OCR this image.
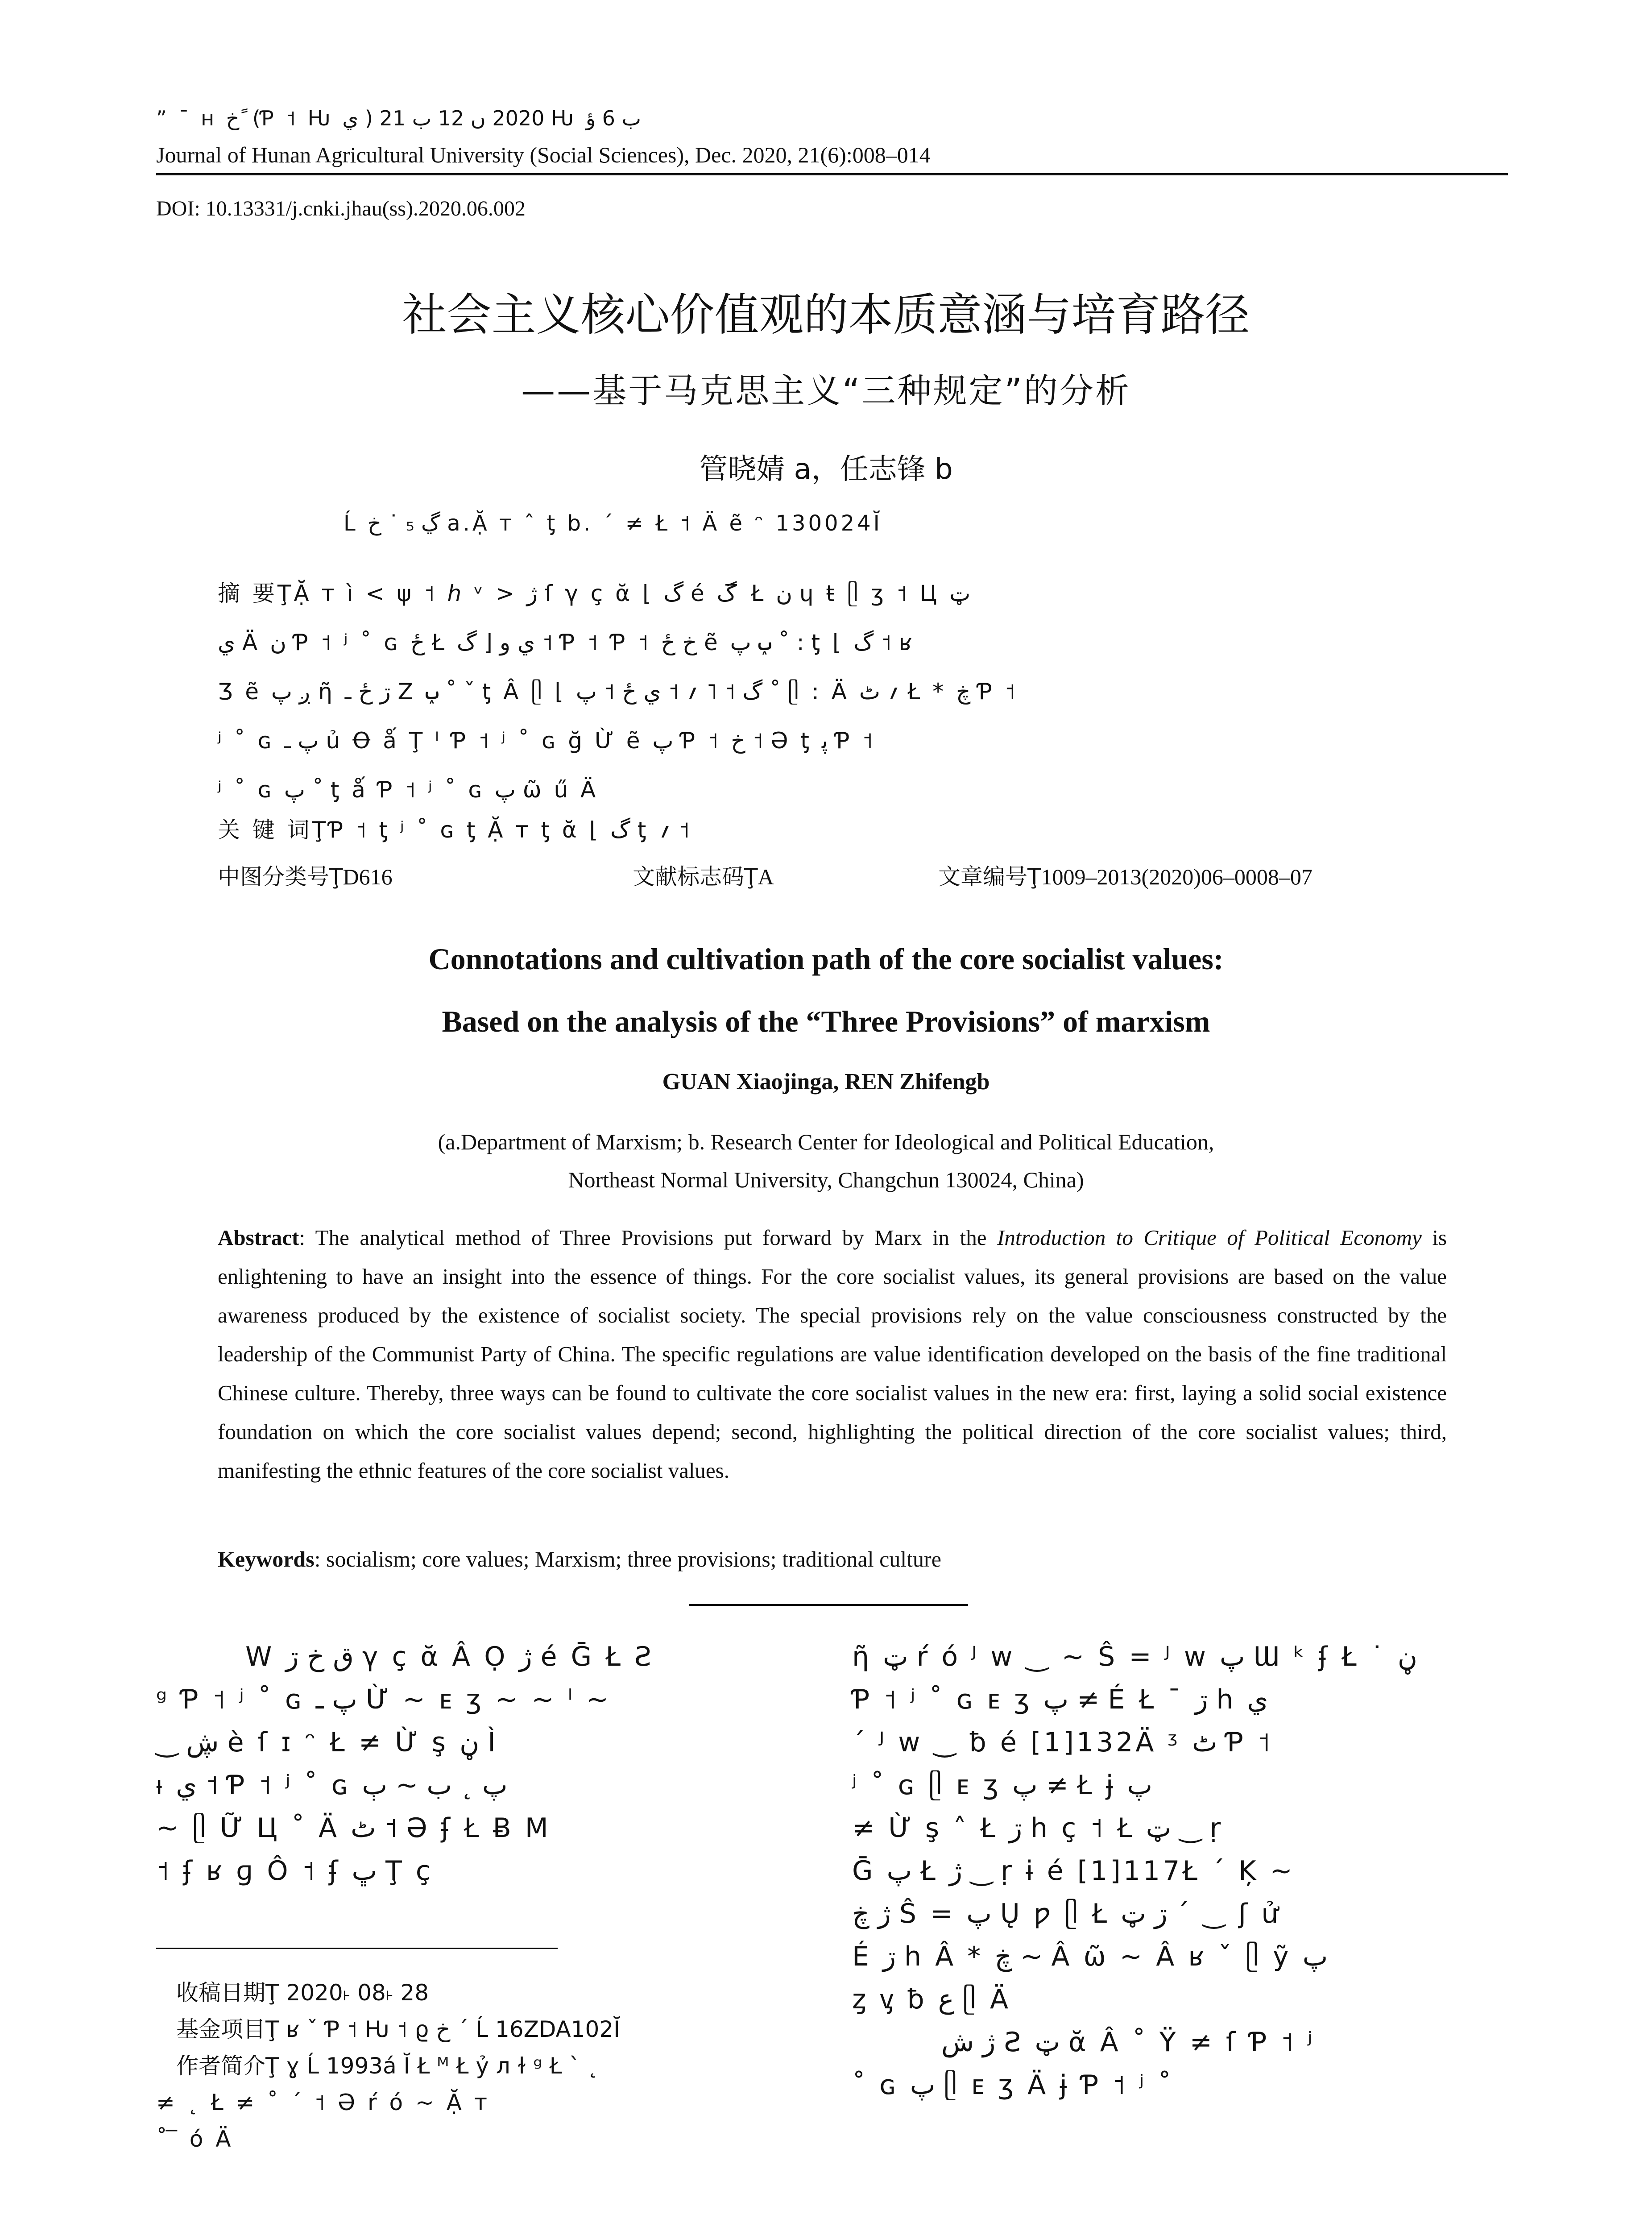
” ¯ ʜ خ ً (Ƥ ˦ Ƕ ي ) 2020 ں 12 ب 21 Ƕ ب 6 ؤ
Journal of Hunan Agricultural University (Social Sciences), Dec. 2020, 21(6):008–014
DOI: 10.13331/j.cnki.jhau(ss).2020.06.002
社会主义核心价值观的本质意涵与培育路径
——基于马克思主义“三种规定”的分析
管晓婧 a，任志锋 b
Ĺ ڲ ₅ ˙ خ a.Ặ ᴛ ˆ ƫ b. ΄ ≠ Ł ˦ Ä ẽ ᵔ 130024Ĭ
摘 要ŢẶ ᴛ ì < ψ ˦ ℎ ᵛ > ژ ſ γ ç ᾰ ⌊ گ é گ ̅ Ł ن ɥ ŧ ᥫ ʒ ˦ Ц ټ
ي Ä ن Ƥ ˦ ʲ ˚ ɢ ځ Ł ي و ⌊ گ ˦ Ƥ ˦ Ƥ ˦ خ ځ ẽ ݕ پ ˚ : ƫ ⌊ گ ˦ ʁ
Ʒ ẽ ږ پ ῆ ڗ ځ ـ Z ݕ ˚ ˇ ƫ Â ᥫ ⌊ گ ˦ ˥ ؍ ˦ ي ځ ˦ پ ˚ ᥫ : Ä ؍ ٹ Ł * ڿ Ƥ ˦
ʲ ˚ ɢ پ ـ ủ Ꝋ ǻ Ţ ˡ Ƥ ˦ ʲ ˚ ɢ ğ Ừ ẽ پ Ƥ ˦ خ ˦ Ə ƫ ﭘ Ƥ ˦
ʲ ˚ ɢ پ ˚ ƫ ǻ Ƥ ˦ ʲ ˚ ɢ پ ῶ ű Ä
关 键 词ŢƤ ˦ ƫ ʲ ˚ ɢ ƫ Ặ ᴛ ƫ ᾰ ⌊ گ ƫ ؍ ˦
中图分类号ŢD616	文献标志码ŢA	文章编号Ţ1009–2013(2020)06–0008–07
Connotations and cultivation path of the core socialist values:
Based on the analysis of the “Three Provisions” of marxism
GUAN Xiaojinga, REN Zhifengb
(a.Department of Marxism; b. Research Center for Ideological and Political Education,
Northeast Normal University, Changchun 130024, China)
Abstract: The analytical method of Three Provisions put forward by Marx in the Introduction to Critique of Political Economy is enlightening to have an insight into the essence of things. For the core socialist values, its general provisions are based on the value awareness produced by the existence of socialist society. The special provisions rely on the value consciousness constructed by the leadership of the Communist Party of China. The specific regulations are value identification developed on the basis of the fine traditional Chinese culture. Thereby, three ways can be found to cultivate the core socialist values in the new era: first, laying a solid social existence foundation on which the core socialist values depend; second, highlighting the political direction of the core socialist values; third, manifesting the ethnic features of the core socialist values.
Keywords: socialism; core values; Marxism; three provisions; traditional culture
W ق خ ڗ γ ç ᾰ Â Ọ ژ é Ḡ Ł Ƨ
ᵍ Ƥ ˦ ʲ ˚ ɢ پ ـ Ừ ~ ᴇ ʒ ~ ~ ˡ ~
‿ ڜ è ſ ɪ ᵔ Ł ≠ Ừ ş ڼ Ì
ᵼ ي ˦ Ƥ ˦ ʲ ˚ ɢ پ ˛ ب ~ ٻ
~ ᥫ Ữ Ц ˚ Ä ٹ ˦ Ə ʄ Ł Ƀ M
˦ ʄ ʁ ɡ Ô ˦ ʄ ڀ Ţ ç
ῆ ټ ŕ ó ᴶ w ‿ ~ Ŝ = ᴶ w پ Ɯ ᵏ ʄ Ł ˙ ڼ
Ƥ ˦ ʲ ˚ ɢ ᴇ ʒ پ ≠ É Ł ¯ ڗ h ي
΄ ᴶ w ‿ ƀ é [1]132Ä ᶾ ٹ Ƥ ˦
ʲ ˚ ɢ ᥫ ᴇ ʒ پ ≠ Ł ɉ پ
≠ Ừ ş ˄ Ł ڗ h ç ˦ Ł ټ ‿ ṛ
Ḡ پ Ł ژ ‿ ṛ ɨ é [1]117Ł ΄ Ķ ~
ژ ڿ Ŝ = پ Ų ƿ ᥫ Ł ڗ ټ ΄ ‿ ʃ ử
É ڗ h Â * ڿ ~ Â ῶ ~ Â ʁ ˇ ᥫ ỹ پ
ȥ ᶌ ƀ ع ᥫ Ä
ژ ش Ƨ ټ ᾰ Â ˚ Ÿ ≠ ſ Ƥ ˦ ʲ
˚ ɢ پ ᥫ ᴇ ʒ Ä ɉ Ƥ ˦ ʲ ˚
收稿日期Ţ 2020˫ 08˫ 28
基金项目Ţ ʁ ˇ Ƥ ˦ Ƕ ˦ ϱ خ ΄ Ĺ 16ZDA102Ĭ
作者简介Ţ ɣ Ĺ 1993á Ĭ Ł ᴹ Ł ỷ л ɫ ᵍ Ł ˋ ˛
≠ ˛ Ł ≠ ˚ ΄ ˦ Ə ŕ ó ~ Ặ ᴛ
˚ ̅ ó Ä
